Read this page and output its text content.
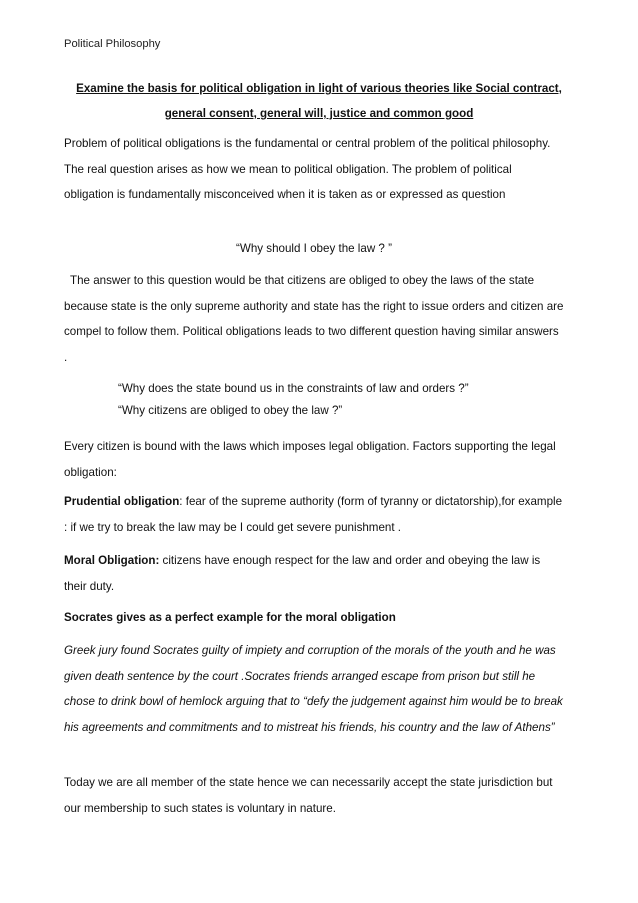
Political Philosophy
Examine the basis for political obligation in light of various theories like Social contract, general consent, general will, justice and common good

Problem of political obligations is the fundamental or central problem of the political philosophy. The real question arises as how we mean to political obligation. The problem of political obligation is fundamentally misconceived when it is taken as or expressed as question

“Why should I obey the law ? ”

The answer to this question would be that citizens are obliged to obey the laws of the state because state is the only supreme authority and state has the right to issue orders and citizen are compel to follow them. Political obligations leads to two different question having similar answers .

“Why does the state bound us in the constraints of law and orders ?”
“Why citizens are obliged to obey the law ?”

Every citizen is bound with the laws which imposes legal obligation. Factors supporting the legal obligation:

Prudential obligation: fear of the supreme authority (form of tyranny or dictatorship),for example : if we try to break the law may be I could get severe punishment .

Moral Obligation: citizens have enough respect for the law and order and obeying the law is their duty.

Socrates gives as a perfect example for the moral obligation

Greek jury found Socrates guilty of impiety and corruption of the morals of the youth and he was given death sentence by the court .Socrates friends arranged escape from prison but still he chose to drink bowl of hemlock arguing that to “defy the judgement against him would be to break his agreements and commitments and to mistreat his friends, his country and the law of Athens”

Today we are all member of the state hence we can necessarily accept the state jurisdiction but our membership to such states is voluntary in nature.
